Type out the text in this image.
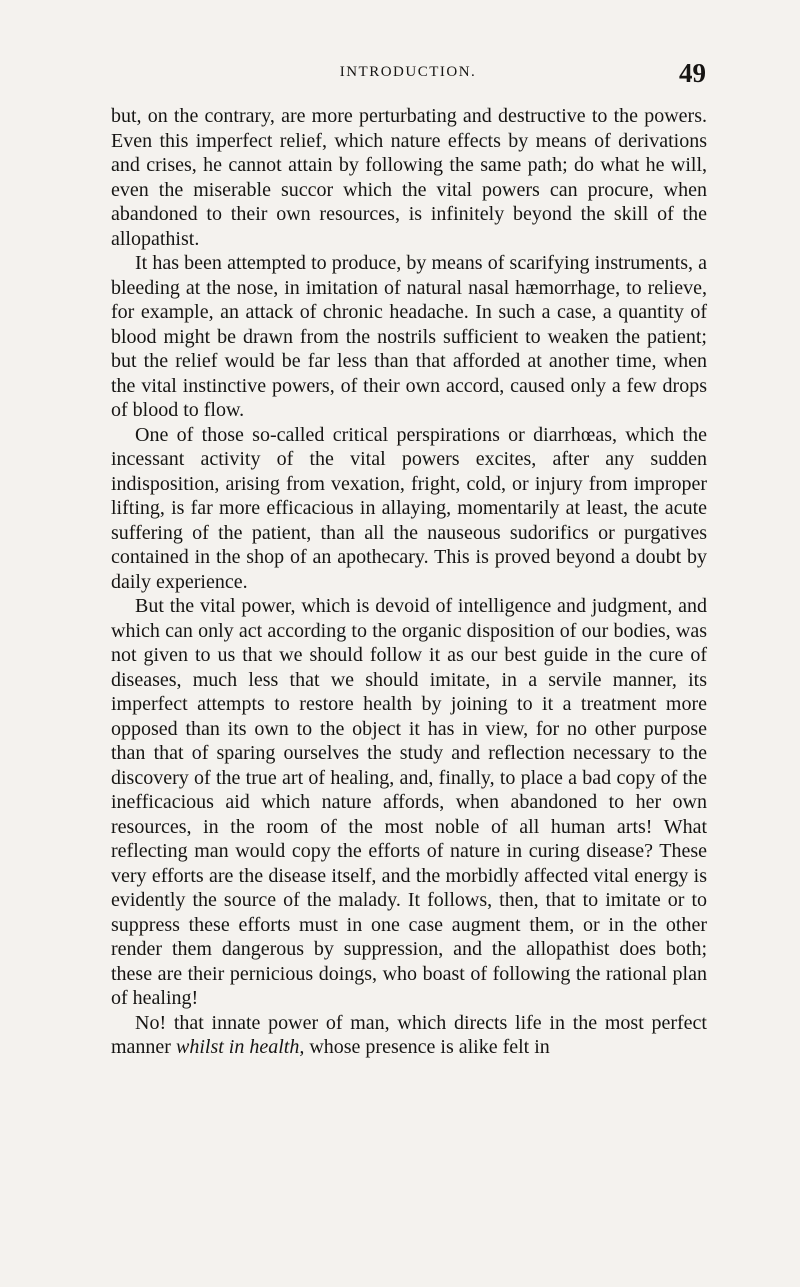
INTRODUCTION.	49

but, on the contrary, are more perturbating and destructive to the powers. Even this imperfect relief, which nature effects by means of derivations and crises, he cannot attain by following the same path; do what he will, even the miserable succor which the vital powers can procure, when abandoned to their own resources, is infinitely beyond the skill of the allopathist.

It has been attempted to produce, by means of scarifying instruments, a bleeding at the nose, in imitation of natural nasal hæmorrhage, to relieve, for example, an attack of chronic headache. In such a case, a quantity of blood might be drawn from the nostrils sufficient to weaken the patient; but the relief would be far less than that afforded at another time, when the vital instinctive powers, of their own accord, caused only a few drops of blood to flow.

One of those so-called critical perspirations or diarrhœas, which the incessant activity of the vital powers excites, after any sudden indisposition, arising from vexation, fright, cold, or injury from improper lifting, is far more efficacious in allaying, momentarily at least, the acute suffering of the patient, than all the nauseous sudorifics or purgatives contained in the shop of an apothecary. This is proved beyond a doubt by daily experience.

But the vital power, which is devoid of intelligence and judgment, and which can only act according to the organic disposition of our bodies, was not given to us that we should follow it as our best guide in the cure of diseases, much less that we should imitate, in a servile manner, its imperfect attempts to restore health by joining to it a treatment more opposed than its own to the object it has in view, for no other purpose than that of sparing ourselves the study and reflection necessary to the discovery of the true art of healing, and, finally, to place a bad copy of the inefficacious aid which nature affords, when abandoned to her own resources, in the room of the most noble of all human arts! What reflecting man would copy the efforts of nature in curing disease? These very efforts are the disease itself, and the morbidly affected vital energy is evidently the source of the malady. It follows, then, that to imitate or to suppress these efforts must in one case augment them, or in the other render them dangerous by suppression, and the allopathist does both; these are their pernicious doings, who boast of following the rational plan of healing!

No! that innate power of man, which directs life in the most perfect manner whilst in health, whose presence is alike felt in
